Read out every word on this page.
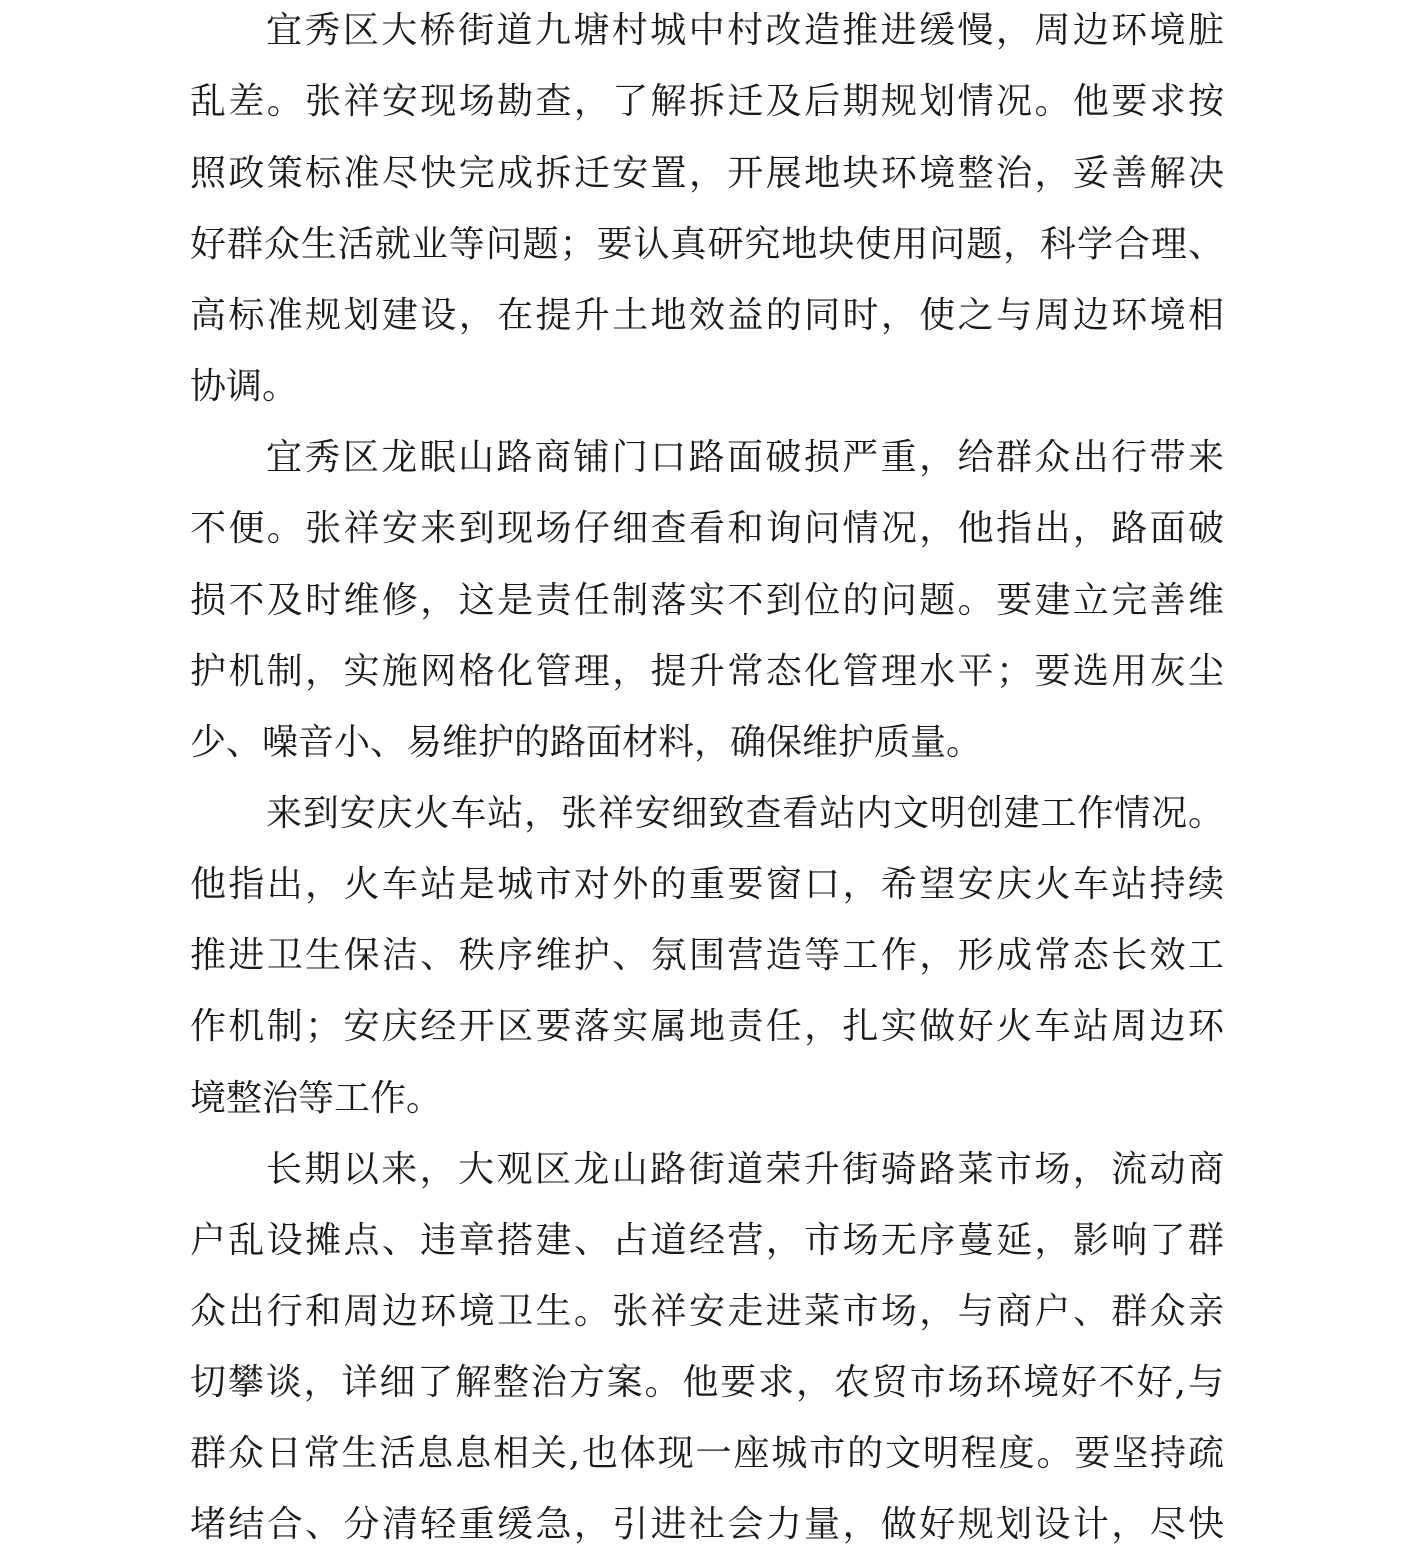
宜秀区大桥街道九塘村城中村改造推进缓慢，周边环境脏
乱差。张祥安现场勘查，了解拆迁及后期规划情况。他要求按
照政策标准尽快完成拆迁安置，开展地块环境整治，妥善解决
好群众生活就业等问题；要认真研究地块使用问题，科学合理、
高标准规划建设，在提升土地效益的同时，使之与周边环境相
协调。
宜秀区龙眠山路商铺门口路面破损严重，给群众出行带来
不便。张祥安来到现场仔细查看和询问情况，他指出，路面破
损不及时维修，这是责任制落实不到位的问题。要建立完善维
护机制，实施网格化管理，提升常态化管理水平；要选用灰尘
少、噪音小、易维护的路面材料，确保维护质量。
来到安庆火车站，张祥安细致查看站内文明创建工作情况。
他指出，火车站是城市对外的重要窗口，希望安庆火车站持续
推进卫生保洁、秩序维护、氛围营造等工作，形成常态长效工
作机制；安庆经开区要落实属地责任，扎实做好火车站周边环
境整治等工作。
长期以来，大观区龙山路街道荣升街骑路菜市场，流动商
户乱设摊点、违章搭建、占道经营，市场无序蔓延，影响了群
众出行和周边环境卫生。张祥安走进菜市场，与商户、群众亲
切攀谈，详细了解整治方案。他要求，农贸市场环境好不好,与
群众日常生活息息相关,也体现一座城市的文明程度。要坚持疏
堵结合、分清轻重缓急，引进社会力量，做好规划设计，尽快
